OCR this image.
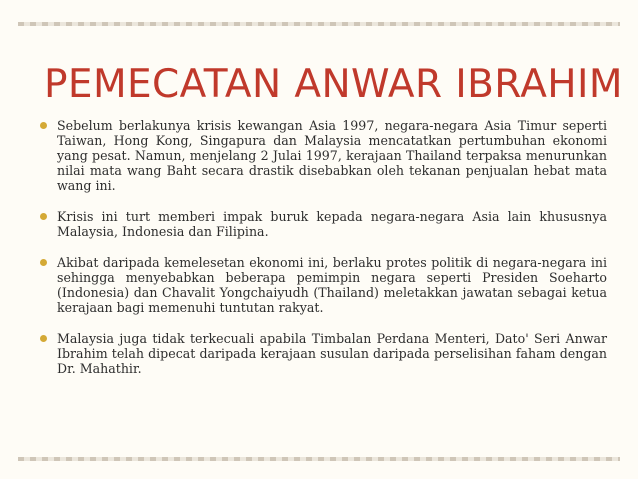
PEMECATAN ANWAR IBRAHIM
Sebelum berlakunya krisis kewangan Asia 1997, negara-negara Asia Timur seperti Taiwan, Hong Kong, Singapura dan Malaysia mencatatkan pertumbuhan ekonomi yang pesat. Namun, menjelang 2 Julai 1997, kerajaan Thailand terpaksa menurunkan nilai mata wang Baht secara drastik disebabkan oleh tekanan penjualan hebat mata wang ini.
Krisis ini turt memberi impak buruk kepada negara-negara Asia lain khususnya Malaysia, Indonesia dan Filipina.
Akibat daripada kemelesetan ekonomi ini, berlaku protes politik di negara-negara ini sehingga menyebabkan beberapa pemimpin negara seperti Presiden Soeharto (Indonesia) dan Chavalit Yongchaiyudh (Thailand) meletakkan jawatan sebagai ketua kerajaan bagi memenuhi tuntutan rakyat.
Malaysia juga tidak terkecuali apabila Timbalan Perdana Menteri, Dato' Seri Anwar Ibrahim telah dipecat daripada kerajaan susulan daripada perselisihan faham dengan Dr. Mahathir.
